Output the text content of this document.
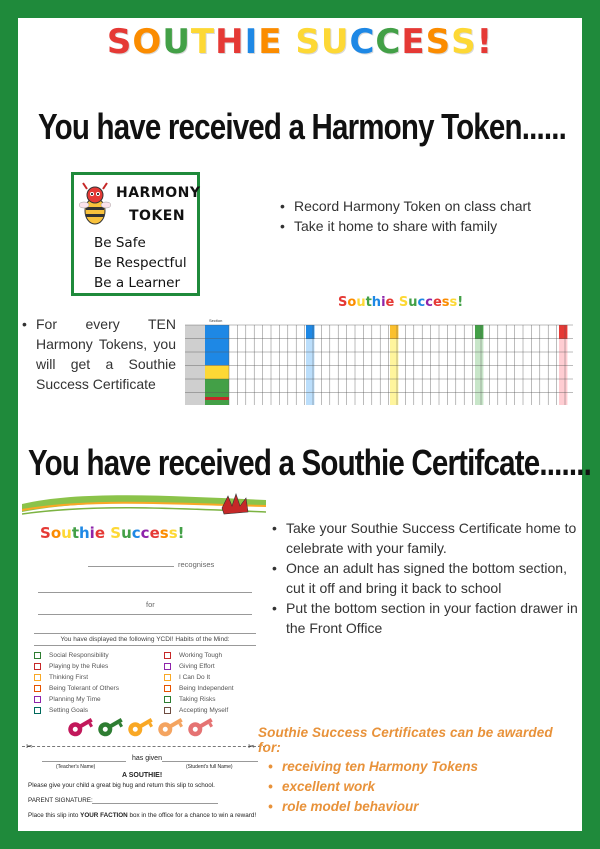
SOUTHIE SUCCESS!
You have received a Harmony Token......
HARMONY
TOKEN
Be Safe
Be Respectful
Be a Learner
• Record Harmony Token on class chart
• Take it home to share with family
• For every TEN Harmony Tokens, you will get a Southie Success Certificate
Southie Success!
Section
You have received a Southie Certifcate.......
Southie Success!
recognises
for
You have displayed the following YCDI! Habits of the Mind:
Social Responsibility
Playing by the Rules
Thinking First
Being Tolerant of Others
Planning My Time
Setting Goals
Working Tough
Giving Effort
I Can Do It
Being Independent
Taking Risks
Accepting Myself
✂	✂
has given
(Teacher's Name)	(Student's full Name)
A SOUTHIE!
Please give your child a great big hug and return this slip to school.
PARENT SIGNATURE:
Place this slip into YOUR FACTION box in the office for a chance to win a reward!
• Take your Southie Success Certificate home to celebrate with your family.
• Once an adult has signed the bottom section, cut it off and bring it back to school
• Put the bottom section in your faction drawer in the Front Office
Southie Success Certificates can be awarded for:
• receiving ten Harmony Tokens
• excellent work
• role model behaviour
